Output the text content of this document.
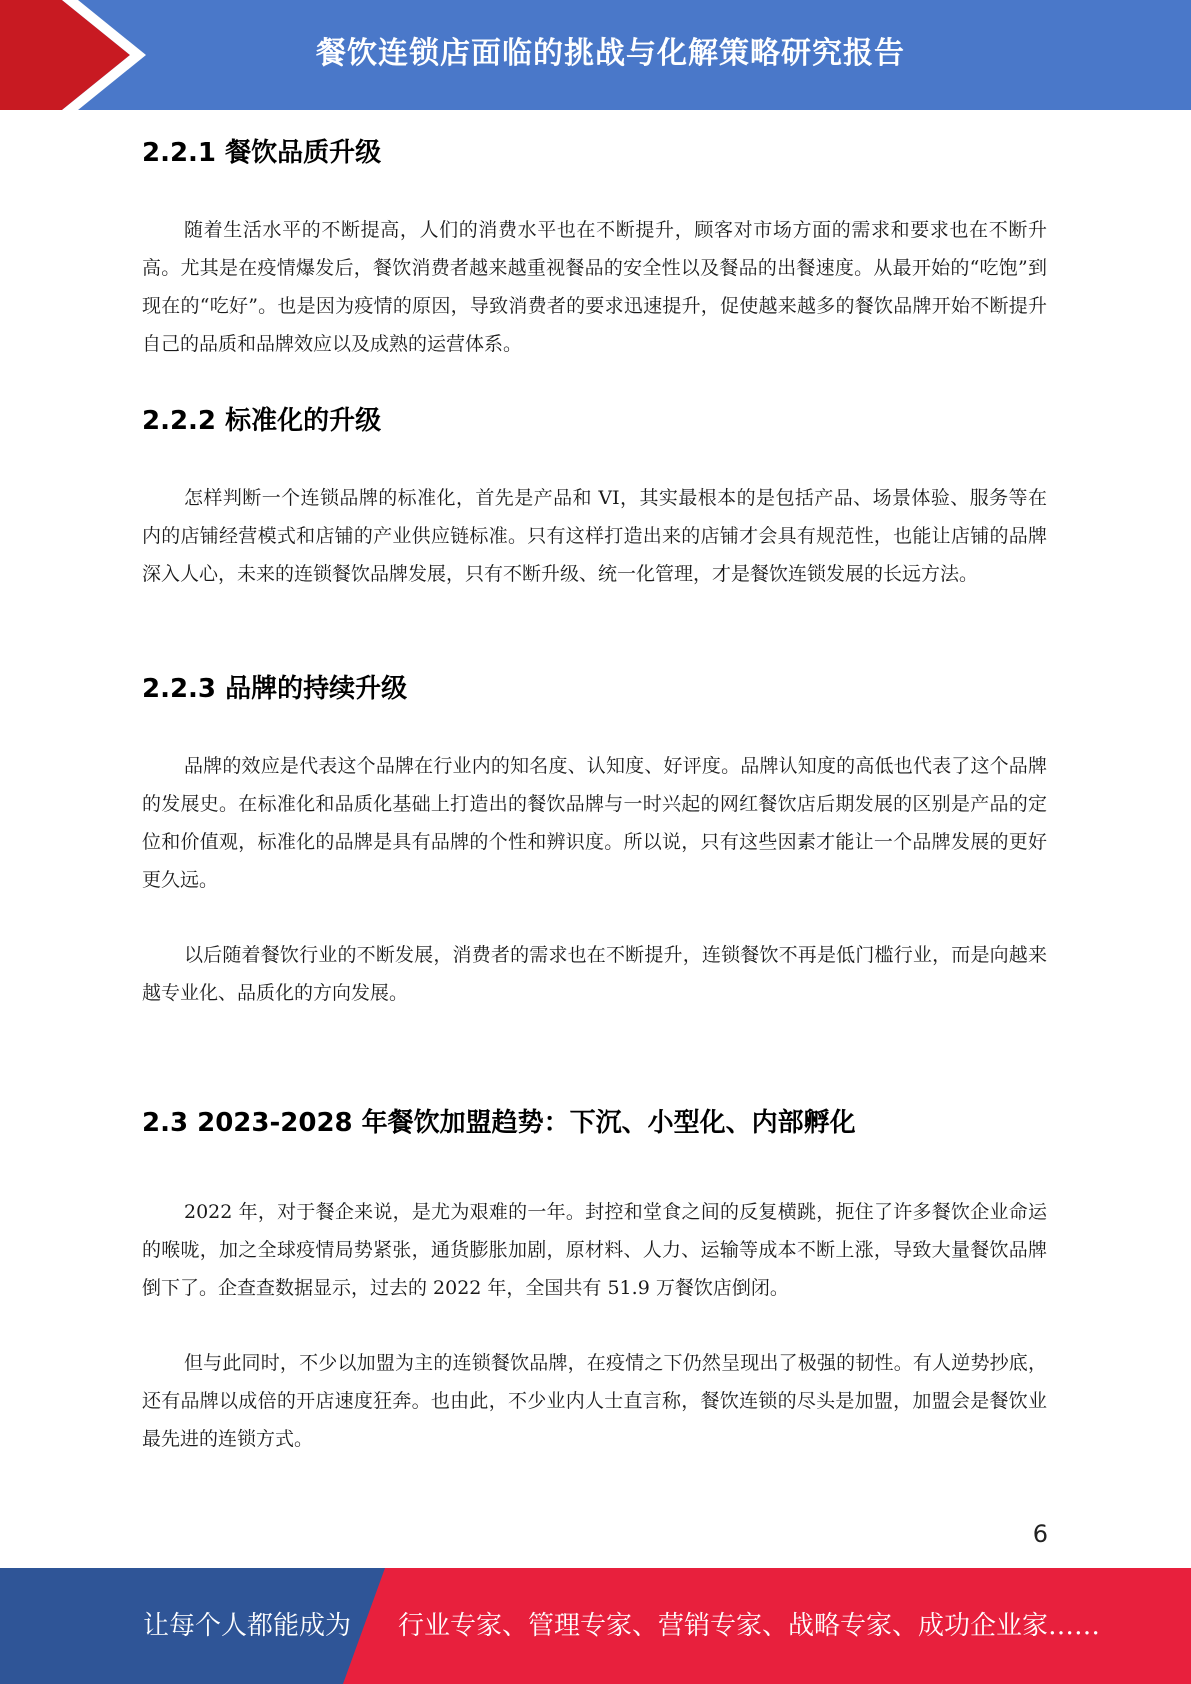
餐饮连锁店面临的挑战与化解策略研究报告
2.2.1 餐饮品质升级

随着生活水平的不断提高，人们的消费水平也在不断提升，顾客对市场方面的需求和要求也在不断升高。尤其是在疫情爆发后，餐饮消费者越来越重视餐品的安全性以及餐品的出餐速度。从最开始的“吃饱”到现在的“吃好”。也是因为疫情的原因，导致消费者的要求迅速提升，促使越来越多的餐饮品牌开始不断提升自己的品质和品牌效应以及成熟的运营体系。

2.2.2 标准化的升级

怎样判断一个连锁品牌的标准化，首先是产品和 VI，其实最根本的是包括产品、场景体验、服务等在内的店铺经营模式和店铺的产业供应链标准。只有这样打造出来的店铺才会具有规范性，也能让店铺的品牌深入人心，未来的连锁餐饮品牌发展，只有不断升级、统一化管理，才是餐饮连锁发展的长远方法。

2.2.3 品牌的持续升级

品牌的效应是代表这个品牌在行业内的知名度、认知度、好评度。品牌认知度的高低也代表了这个品牌的发展史。在标准化和品质化基础上打造出的餐饮品牌与一时兴起的网红餐饮店后期发展的区别是产品的定位和价值观，标准化的品牌是具有品牌的个性和辨识度。所以说，只有这些因素才能让一个品牌发展的更好更久远。

以后随着餐饮行业的不断发展，消费者的需求也在不断提升，连锁餐饮不再是低门槛行业，而是向越来越专业化、品质化的方向发展。

2.3 2023-2028 年餐饮加盟趋势：下沉、小型化、内部孵化

2022 年，对于餐企来说，是尤为艰难的一年。封控和堂食之间的反复横跳，扼住了许多餐饮企业命运的喉咙，加之全球疫情局势紧张，通货膨胀加剧，原材料、人力、运输等成本不断上涨，导致大量餐饮品牌倒下了。企查查数据显示，过去的 2022 年，全国共有 51.9 万餐饮店倒闭。

但与此同时，不少以加盟为主的连锁餐饮品牌，在疫情之下仍然呈现出了极强的韧性。有人逆势抄底，还有品牌以成倍的开店速度狂奔。也由此，不少业内人士直言称，餐饮连锁的尽头是加盟，加盟会是餐饮业最先进的连锁方式。

6
让每个人都能成为 行业专家、管理专家、营销专家、战略专家、成功企业家……
